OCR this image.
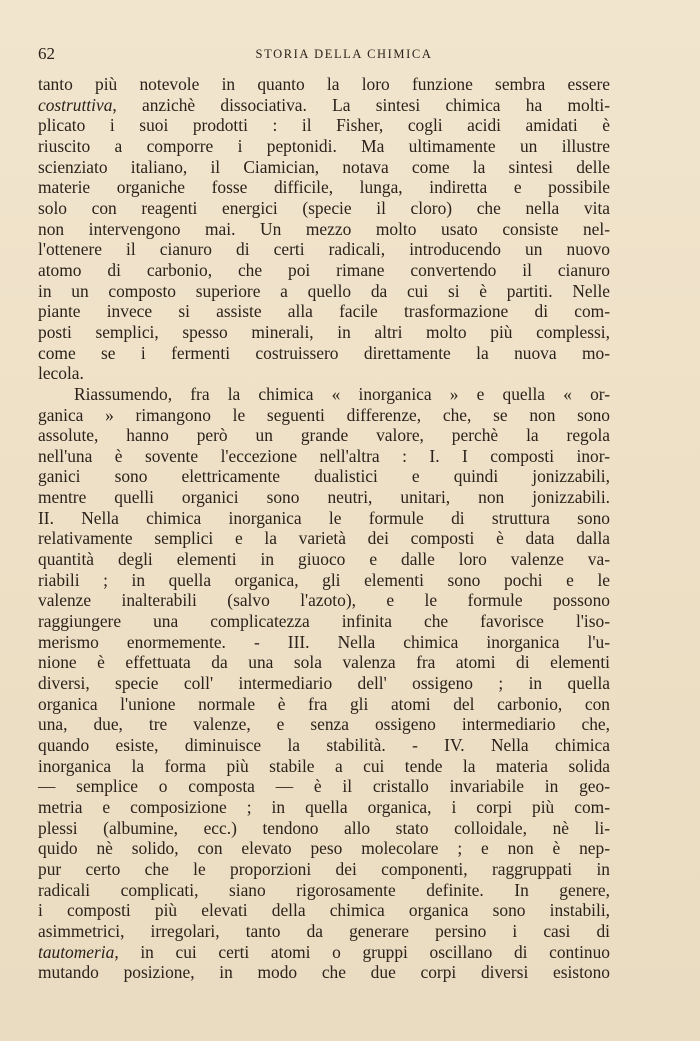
62	STORIA DELLA CHIMICA
tanto più notevole in quanto la loro funzione sembra essere
costruttiva, anzichè dissociativa. La sintesi chimica ha molti-
plicato i suoi prodotti : il Fisher, cogli acidi amidati è
riuscito a comporre i peptonidi. Ma ultimamente un illustre
scienziato italiano, il Ciamician, notava come la sintesi delle
materie organiche fosse difficile, lunga, indiretta e possibile
solo con reagenti energici (specie il cloro) che nella vita
non intervengono mai. Un mezzo molto usato consiste nel-
l'ottenere il cianuro di certi radicali, introducendo un nuovo
atomo di carbonio, che poi rimane convertendo il cianuro
in un composto superiore a quello da cui si è partiti. Nelle
piante invece si assiste alla facile trasformazione di com-
posti semplici, spesso minerali, in altri molto più complessi,
come se i fermenti costruissero direttamente la nuova mo-
lecola.
Riassumendo, fra la chimica « inorganica » e quella « or-
ganica » rimangono le seguenti differenze, che, se non sono
assolute, hanno però un grande valore, perchè la regola
nell'una è sovente l'eccezione nell'altra : I. I composti inor-
ganici sono elettricamente dualistici e quindi jonizzabili,
mentre quelli organici sono neutri, unitari, non jonizzabili.
II. Nella chimica inorganica le formule di struttura sono
relativamente semplici e la varietà dei composti è data dalla
quantità degli elementi in giuoco e dalle loro valenze va-
riabili ; in quella organica, gli elementi sono pochi e le
valenze inalterabili (salvo l'azoto), e le formule possono
raggiungere una complicatezza infinita che favorisce l'iso-
merismo enormemente. - III. Nella chimica inorganica l'u-
nione è effettuata da una sola valenza fra atomi di elementi
diversi, specie coll' intermediario dell' ossigeno ; in quella
organica l'unione normale è fra gli atomi del carbonio, con
una, due, tre valenze, e senza ossigeno intermediario che,
quando esiste, diminuisce la stabilità. - IV. Nella chimica
inorganica la forma più stabile a cui tende la materia solida
— semplice o composta — è il cristallo invariabile in geo-
metria e composizione ; in quella organica, i corpi più com-
plessi (albumine, ecc.) tendono allo stato colloidale, nè li-
quido nè solido, con elevato peso molecolare ; e non è nep-
pur certo che le proporzioni dei componenti, raggruppati in
radicali complicati, siano rigorosamente definite. In genere,
i composti più elevati della chimica organica sono instabili,
asimmetrici, irregolari, tanto da generare persino i casi di
tautomeria, in cui certi atomi o gruppi oscillano di continuo
mutando posizione, in modo che due corpi diversi esistono
